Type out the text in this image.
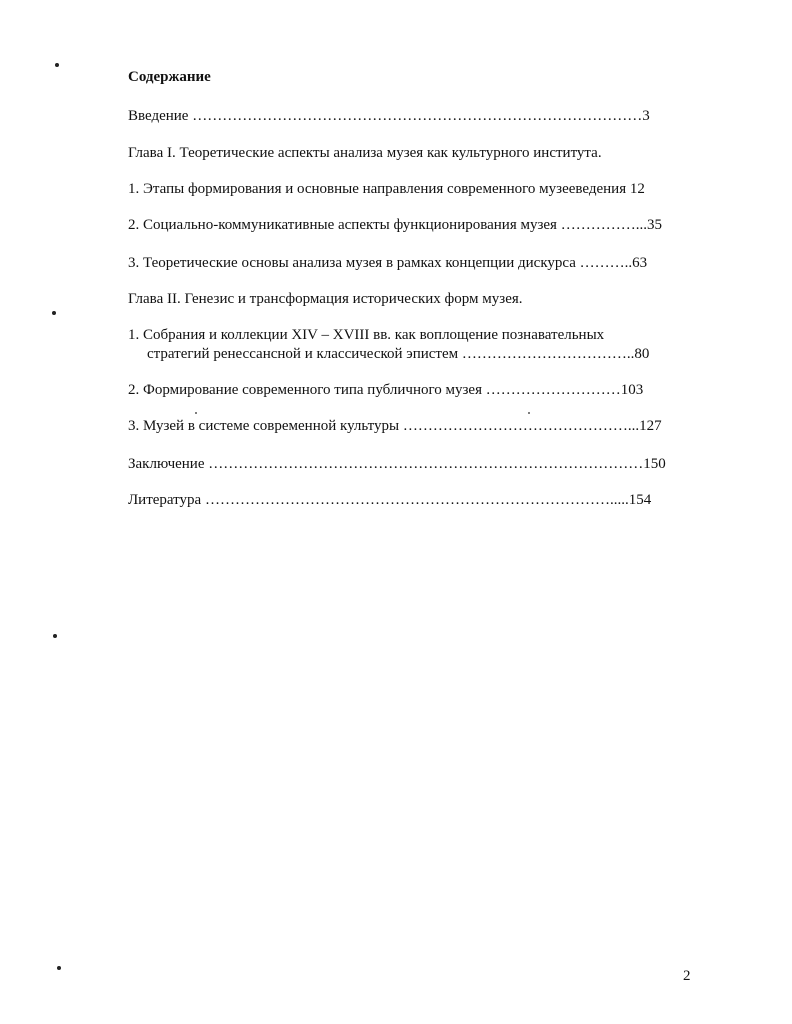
Содержание
Введение ………………………………………………………………………………3
Глава I. Теоретические аспекты анализа музея как культурного института.
1. Этапы формирования и основные направления современного музееведения 12
2. Социально-коммуникативные аспекты функционирования музея ……………...35
3. Теоретические основы анализа музея в рамках концепции дискурса ………..63
Глава II. Генезис и трансформация исторических форм музея.
1. Собрания и коллекции XIV – XVIII вв. как воплощение познавательных
стратегий ренессансной и классической эпистем ……………………………..80
2. Формирование современного типа публичного музея ………………………103
3. Музей в системе современной культуры ………………………………………...127
Заключение ……………………………………………………………………………150
Литература ……………………………………………………………………….....154
2
